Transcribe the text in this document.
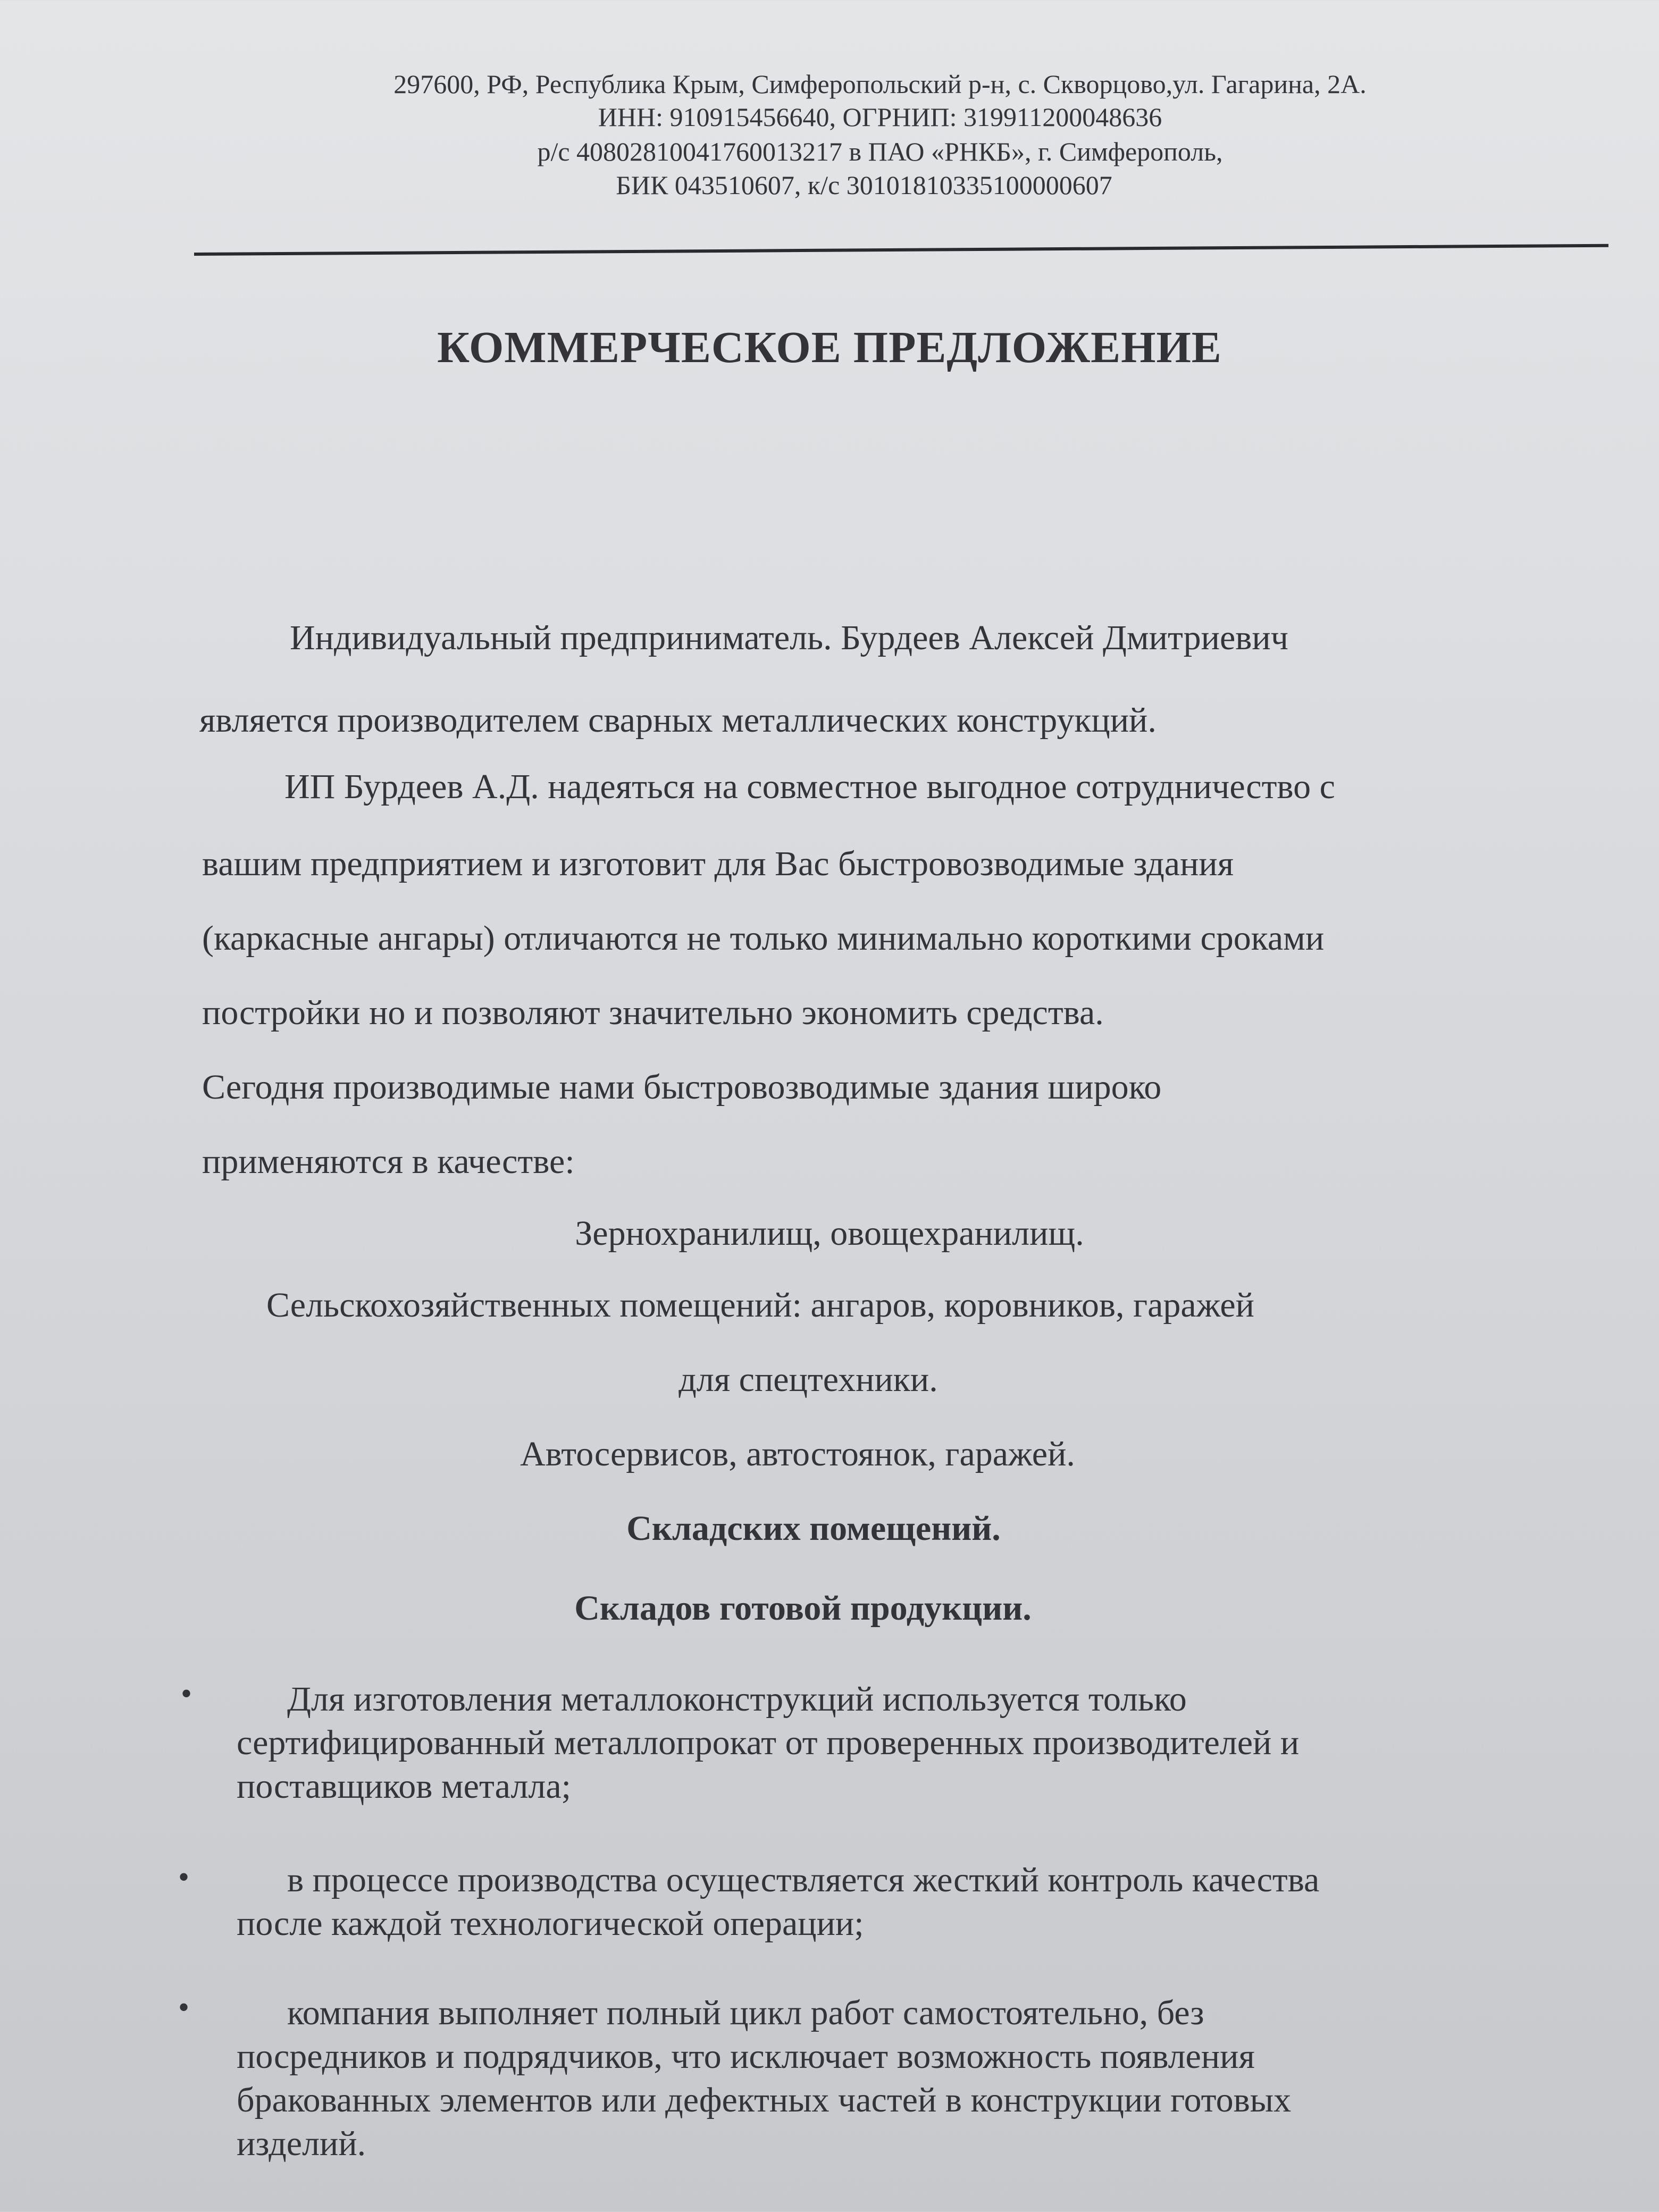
297600, РФ, Республика Крым, Симферопольский р-н, с. Скворцово,ул. Гагарина, 2А.
ИНН: 910915456640, ОГРНИП: 319911200048636
р/с 40802810041760013217 в ПАО «РНКБ», г. Симферополь,
БИК 043510607, к/с 30101810335100000607
КОММЕРЧЕСКОЕ ПРЕДЛОЖЕНИЕ
Индивидуальный предприниматель. Бурдеев Алексей Дмитриевич
является производителем сварных металлических конструкций.
ИП Бурдеев А.Д. надеяться на совместное выгодное сотрудничество с
вашим предприятием и изготовит для Вас быстровозводимые здания
(каркасные ангары) отличаются не только минимально короткими сроками
постройки но и позволяют значительно экономить средства.
Сегодня производимые нами быстровозводимые здания широко
применяются в качестве:
Зернохранилищ, овощехранилищ.
Сельскохозяйственных помещений: ангаров, коровников, гаражей
для спецтехники.
Автосервисов, автостоянок, гаражей.
Складских помещений.
Складов готовой продукции.
•	Для изготовления металлоконструкций используется только
сертифицированный металлопрокат от проверенных производителей и
поставщиков металла;
•	в процессе производства осуществляется жесткий контроль качества
после каждой технологической операции;
•	компания выполняет полный цикл работ самостоятельно, без
посредников и подрядчиков, что исключает возможность появления
бракованных элементов или дефектных частей в конструкции готовых
изделий.
